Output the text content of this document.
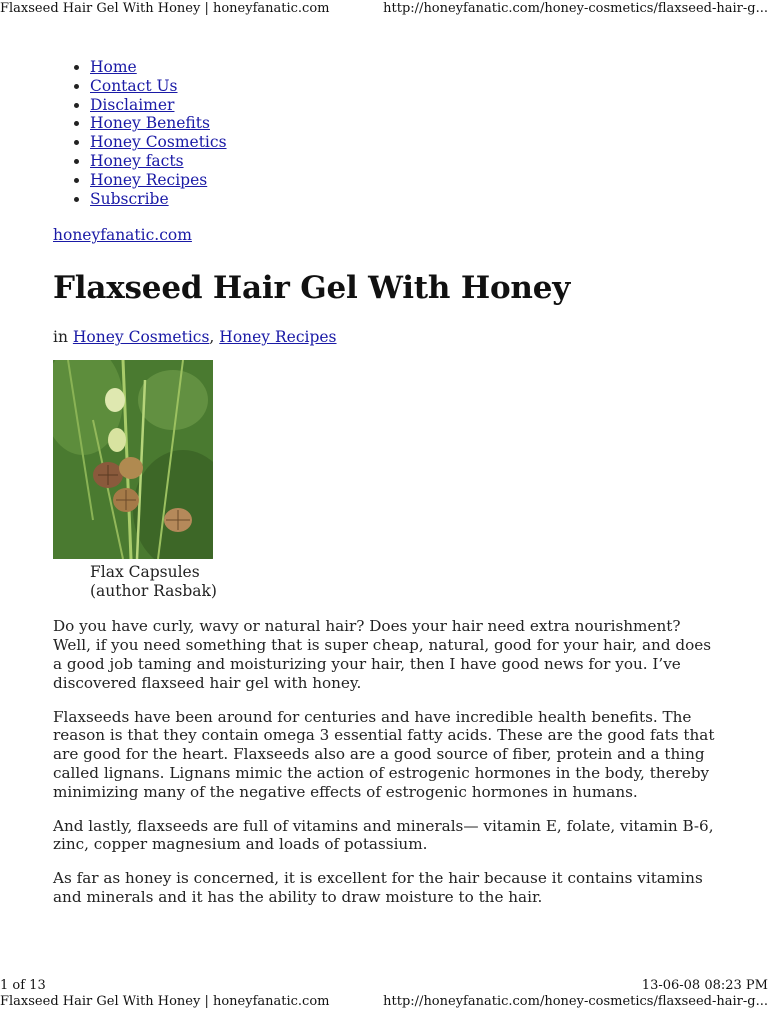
Flaxseed Hair Gel With Honey | honeyfanatic.com	http://honeyfanatic.com/honey-cosmetics/flaxseed-hair-g...
• Home
• Contact Us
• Disclaimer
• Honey Benefits
• Honey Cosmetics
• Honey facts
• Honey Recipes
• Subscribe
honeyfanatic.com
Flaxseed Hair Gel With Honey
in Honey Cosmetics, Honey Recipes
Flax Capsules
(author Rasbak)

Do you have curly, wavy or natural hair? Does your hair need extra nourishment? Well, if you need something that is super cheap, natural, good for your hair, and does a good job taming and moisturizing your hair, then I have good news for you. I’ve discovered flaxseed hair gel with honey.

Flaxseeds have been around for centuries and have incredible health benefits. The reason is that they contain omega 3 essential fatty acids. These are the good fats that are good for the heart. Flaxseeds also are a good source of fiber, protein and a thing called lignans. Lignans mimic the action of estrogenic hormones in the body, thereby minimizing many of the negative effects of estrogenic hormones in humans.

And lastly, flaxseeds are full of vitamins and minerals— vitamin E, folate, vitamin B-6, zinc, copper magnesium and loads of potassium.

As far as honey is concerned, it is excellent for the hair because it contains vitamins and minerals and it has the ability to draw moisture to the hair.

1 of 13	13-06-08 08:23 PM
Flaxseed Hair Gel With Honey | honeyfanatic.com	http://honeyfanatic.com/honey-cosmetics/flaxseed-hair-g...
